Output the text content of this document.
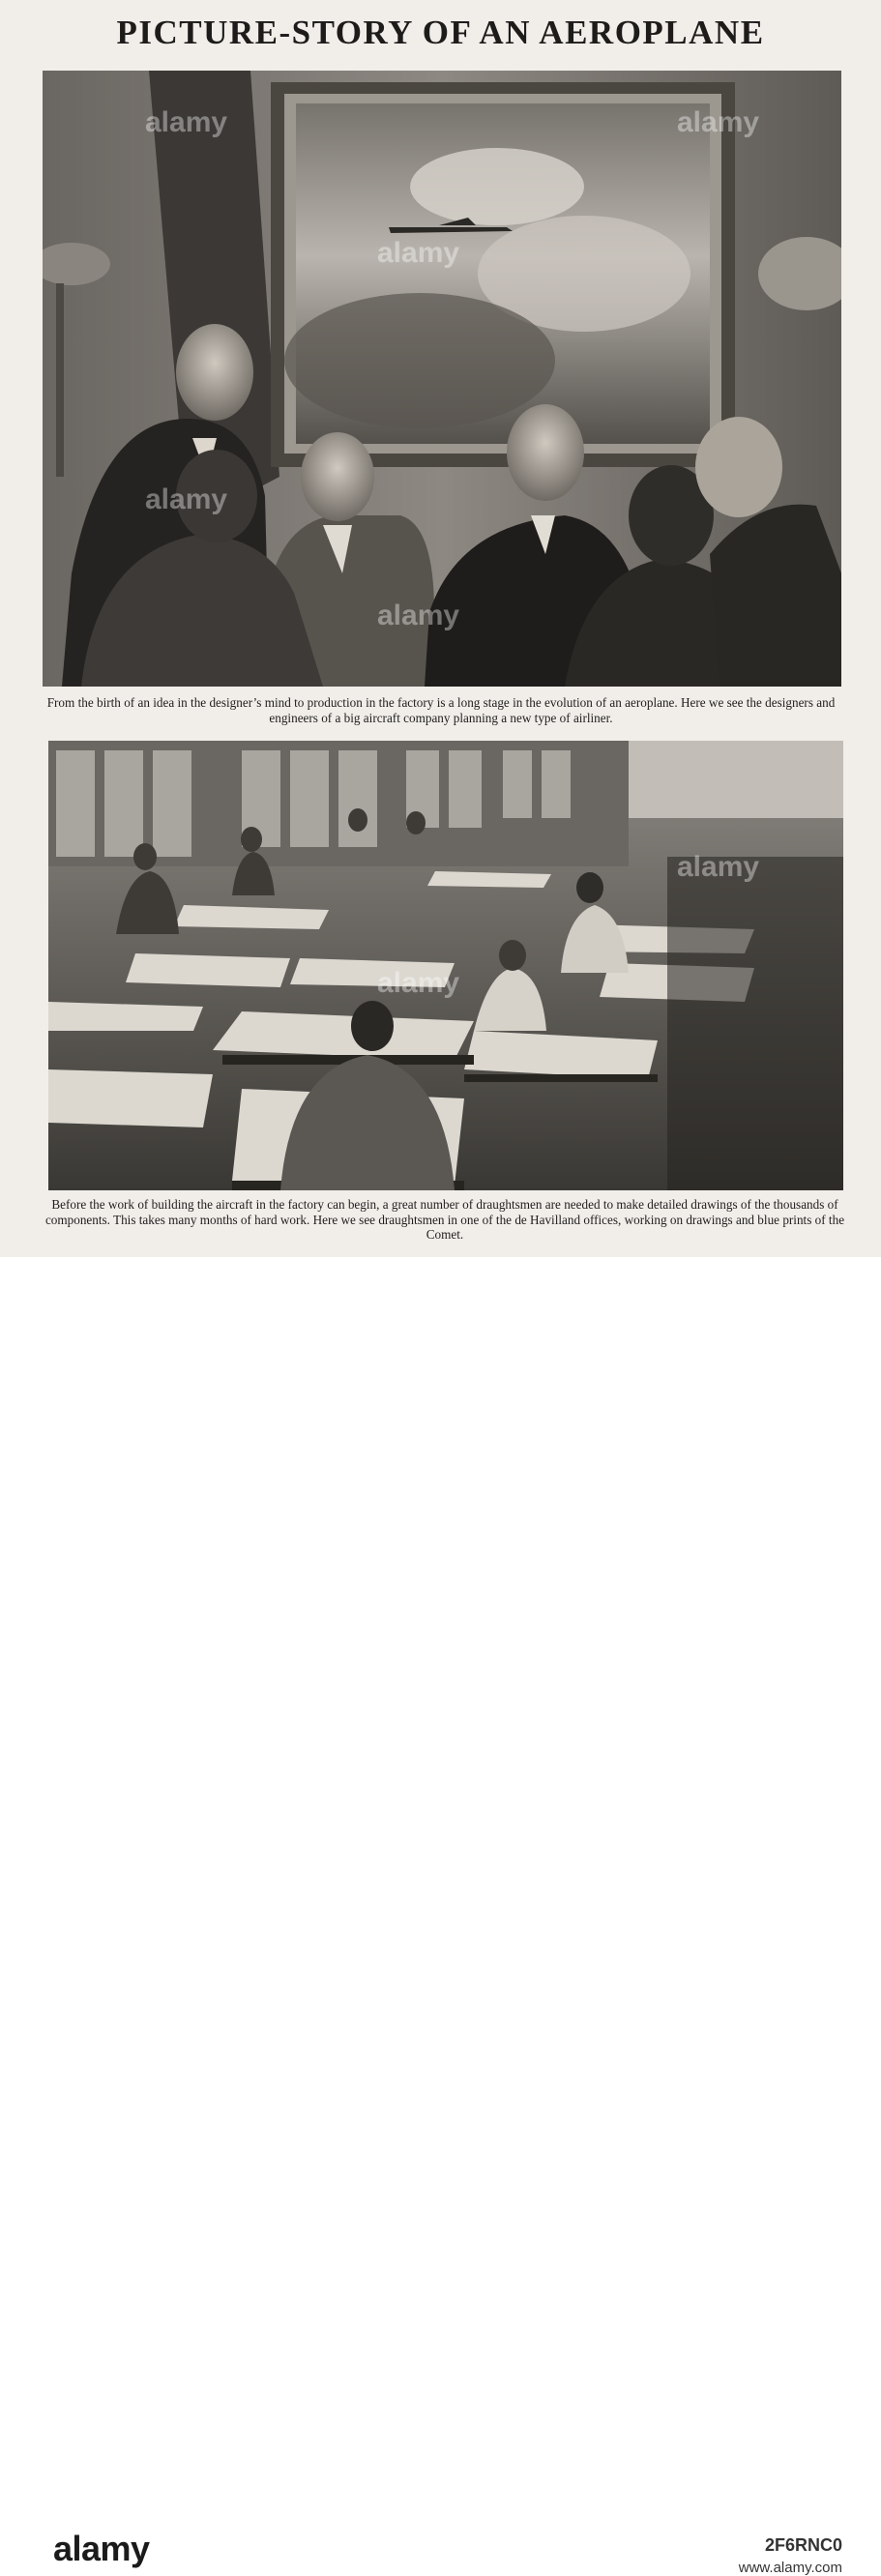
PICTURE-STORY OF AN AEROPLANE

From the birth of an idea in the designer’s mind to production in the factory is a long stage in the evolution of an aeroplane. Here we see the designers and engineers of a big aircraft company planning a new type of airliner.

Before the work of building the aircraft in the factory can begin, a great number of draughtsmen are needed to make detailed drawings of the thousands of components. This takes many months of hard work. Here we see draughtsmen in one of the de Havilland offices, working on drawings and blue prints of the Comet.

alamy	alamy
alamy
alamy
alamy
alamy
alamy
alamy	2F6RNC0
www.alamy.com
